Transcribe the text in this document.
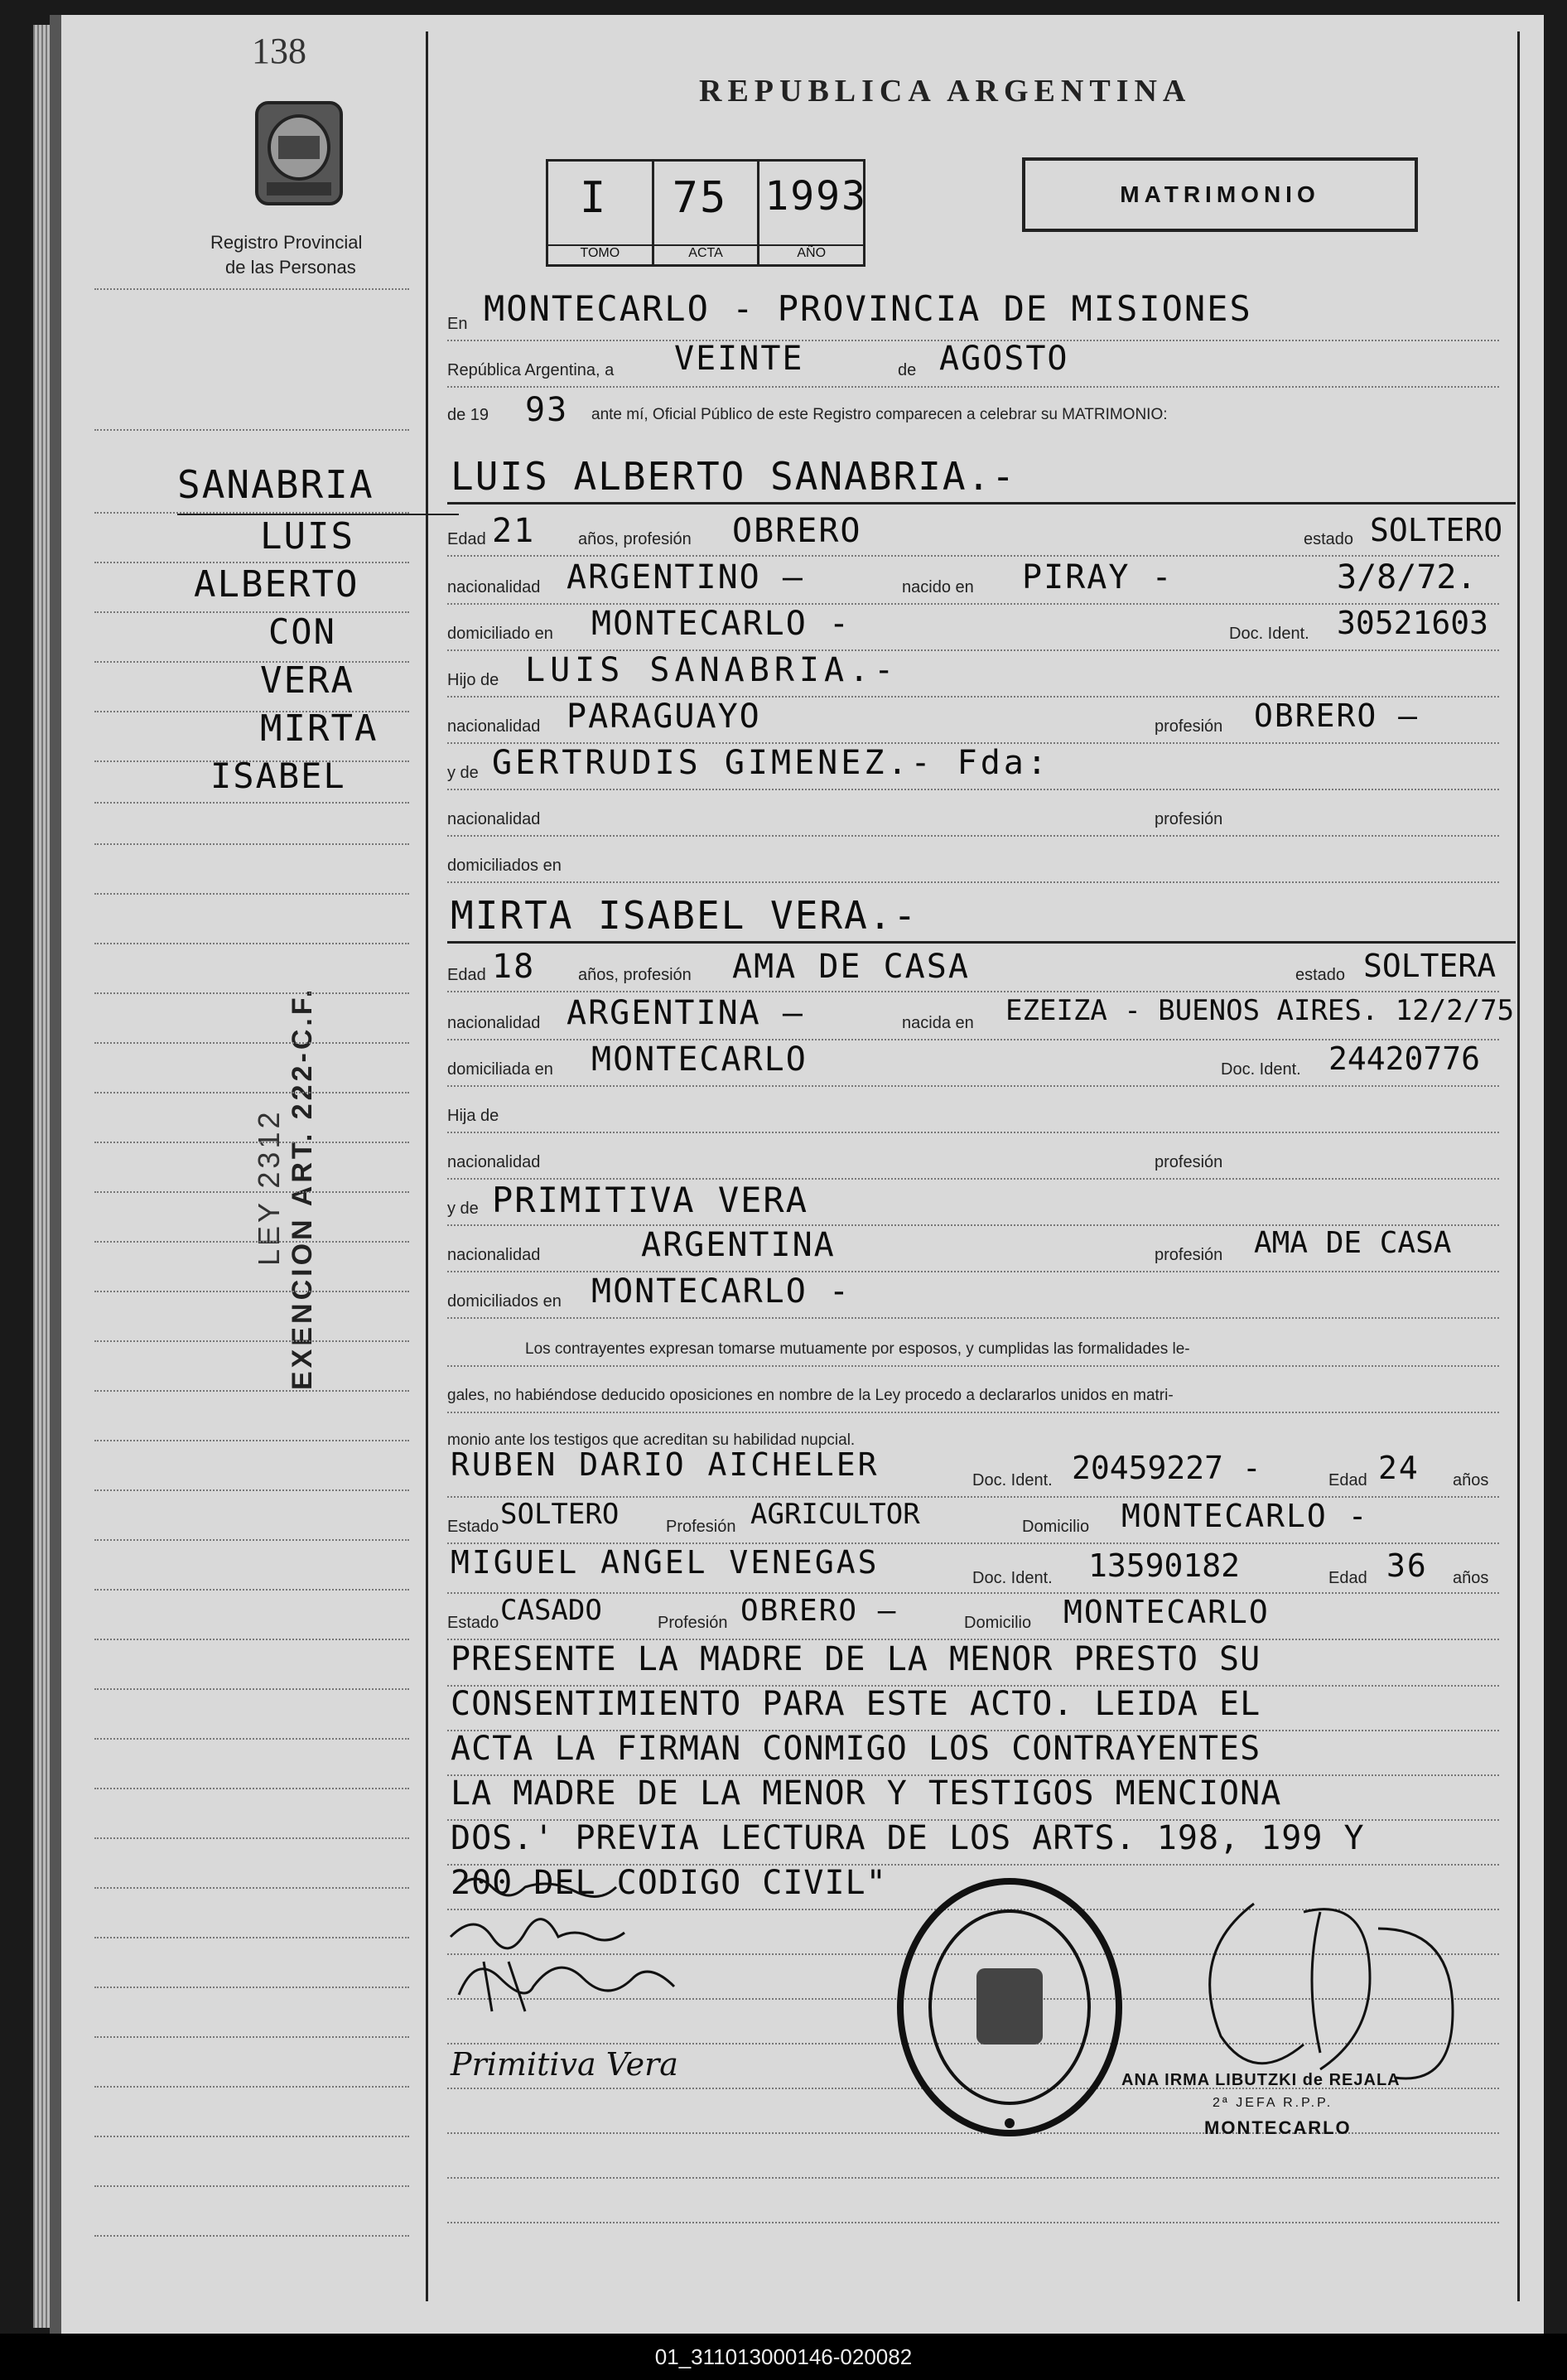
138
Registro Provincial
de las Personas
SANABRIA
LUIS
ALBERTO
CON
VERA
MIRTA
ISABEL
LEY 2312 EXENCION ART. 222-C.F.
REPUBLICA ARGENTINA
I
TOMO
75
ACTA
1993
AÑO
MATRIMONIO
En MONTECARLO - PROVINCIA DE MISIONES
República Argentina, a VEINTE	de AGOSTO
de 19 93 ante mí, Oficial Público de este Registro comparecen a celebrar su MATRIMONIO:
LUIS ALBERTO SANABRIA.-
Edad 21	años, profesión OBRERO	estado SOLTERO
nacionalidad ARGENTINO —	nacido en PIRAY -	3/8/72.
domiciliado en MONTECARLO -	Doc. Ident. 30521603
Hijo de LUIS SANABRIA.-
nacionalidad PARAGUAYO	profesión OBRERO —
y de GERTRUDIS GIMENEZ.- Fda:
nacionalidad	profesión
domiciliados en
MIRTA ISABEL VERA.-
Edad 18	años, profesión AMA DE CASA	estado SOLTERA
nacionalidad ARGENTINA —	nacida en EZEIZA - BUENOS AIRES. 12/2/75
domiciliada en MONTECARLO	Doc. Ident. 24420776
Hija de
nacionalidad	profesión
y de PRIMITIVA VERA
nacionalidad	ARGENTINA	profesión AMA DE CASA
domiciliados en MONTECARLO -
Los contrayentes expresan tomarse mutuamente por esposos, y cumplidas las formalidades le-
gales, no habiéndose deducido oposiciones en nombre de la Ley procedo a declararlos unidos en matri-
monio ante los testigos que acreditan su habilidad nupcial.
RUBEN DARIO AICHELER	Doc. Ident. 20459227 -	Edad 24 años
Estado SOLTERO	Profesión AGRICULTOR	Domicilio MONTECARLO -
MIGUEL ANGEL VENEGAS	Doc. Ident. 13590182	Edad 36 años
Estado CASADO	Profesión OBRERO —	Domicilio MONTECARLO
PRESENTE LA MADRE DE LA MENOR PRESTO SU
CONSENTIMIENTO PARA ESTE ACTO. LEIDA EL
ACTA LA FIRMAN CONMIGO LOS CONTRAYENTES
LA MADRE DE LA MENOR Y TESTIGOS MENCIONA
DOS.' PREVIA LECTURA DE LOS ARTS. 198, 199 Y
200 DEL CODIGO CIVIL"
Primitiva Vera	ANA IRMA LIBUTZKI de REJALA
2ª JEFA R.P.P.
MONTECARLO
01_311013000146-020082
